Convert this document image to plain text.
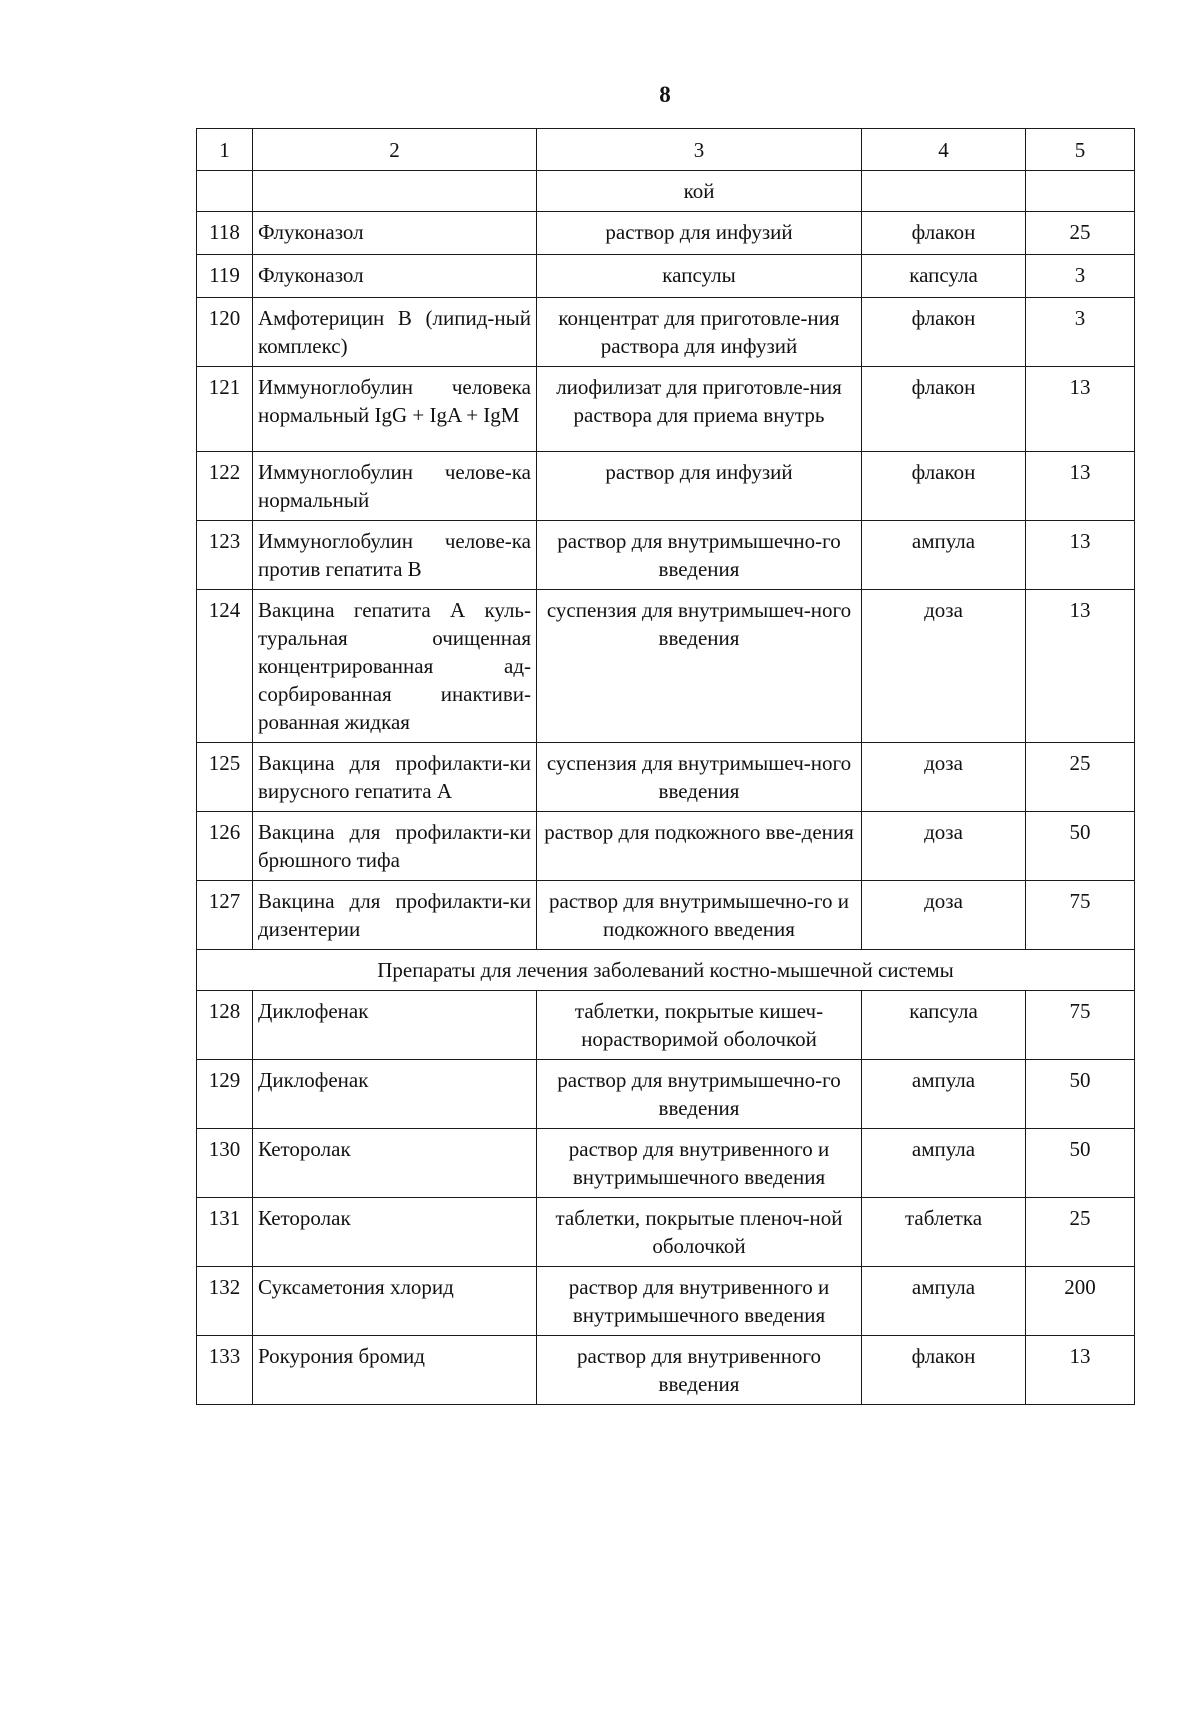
8
1	2	3	4	5
		кой		
118	Флуконазол	раствор для инфузий	флакон	25
119	Флуконазол	капсулы	капсула	3
120	Амфотерицин В (липид-ный комплекс)	концентрат для приготовле-ния раствора для инфузий	флакон	3
121	Иммуноглобулин человека нормальный IgG + IgA + IgM	лиофилизат для приготовле-ния раствора для приема внутрь	флакон	13
122	Иммуноглобулин челове-ка нормальный	раствор для инфузий	флакон	13
123	Иммуноглобулин челове-ка против гепатита В	раствор для внутримышечно-го введения	ампула	13
124	Вакцина гепатита А куль-туральная очищенная концентрированная ад-сорбированная инактиви-рованная жидкая	суспензия для внутримышеч-ного введения	доза	13
125	Вакцина для профилакти-ки вирусного гепатита А	суспензия для внутримышеч-ного введения	доза	25
126	Вакцина для профилакти-ки брюшного тифа	раствор для подкожного вве-дения	доза	50
127	Вакцина для профилакти-ки дизентерии	раствор для внутримышечно-го и подкожного введения	доза	75
Препараты для лечения заболеваний костно-мышечной системы				
128	Диклофенак	таблетки, покрытые кишеч-норастворимой оболочкой	капсула	75
129	Диклофенак	раствор для внутримышечно-го введения	ампула	50
130	Кеторолак	раствор для внутривенного и внутримышечного введения	ампула	50
131	Кеторолак	таблетки, покрытые пленоч-ной оболочкой	таблетка	25
132	Суксаметония хлорид	раствор для внутривенного и внутримышечного введения	ампула	200
133	Рокурония бромид	раствор для внутривенного введения	флакон	13
